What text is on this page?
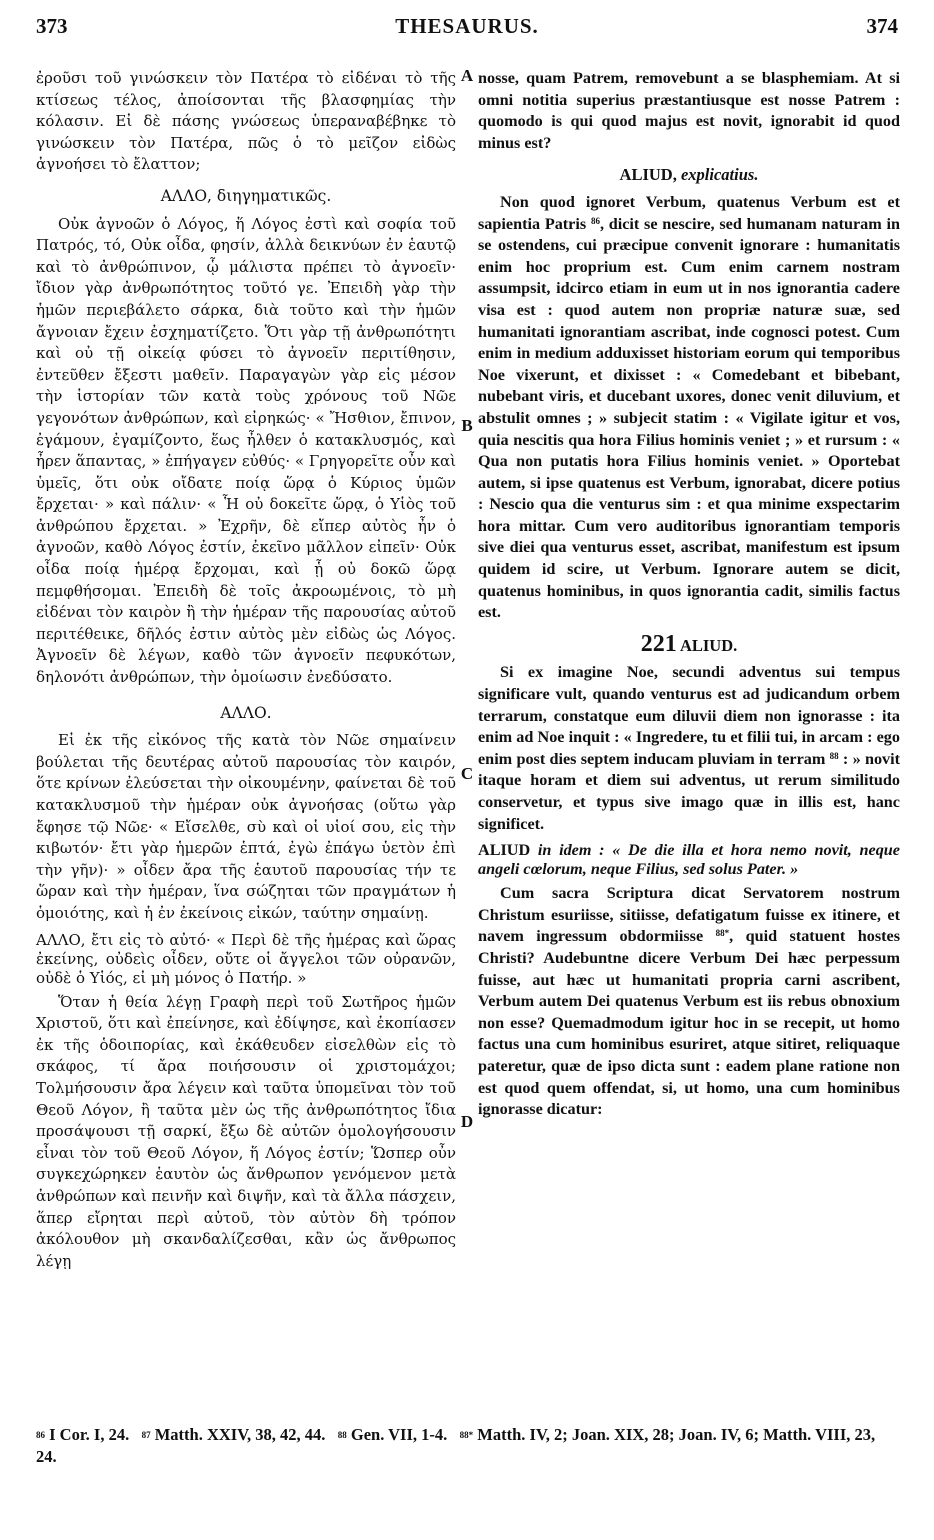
373	THESAURUS.	374

ἐροῦσι τοῦ γινώσκειν τὸν Πατέρα τὸ εἰδέναι τὸ τῆς κτίσεως τέλος, ἀποίσονται τῆς βλασφημίας τὴν κόλασιν. Εἰ δὲ πάσης γνώσεως ὑπεραναβέβηκε τὸ γινώσκειν τὸν Πατέρα, πῶς ὁ τὸ μεῖζον εἰδὼς ἀγνοήσει τὸ ἔλαττον;

ΑΛΛΟ, διηγηματικῶς.

Οὐκ ἀγνοῶν ὁ Λόγος, ἥ Λόγος ἐστὶ καὶ σοφία τοῦ Πατρός, τό, Οὐκ οἶδα, φησίν, ἀλλὰ δεικνύων ἐν ἑαυτῷ καὶ τὸ ἀνθρώπινον, ᾧ μάλιστα πρέπει τὸ ἀγνοεῖν· ἴδιον γὰρ ἀνθρωπότητος τοῦτό γε. Ἐπειδὴ γὰρ τὴν ἡμῶν περιεβάλετο σάρκα, διὰ τοῦτο καὶ τὴν ἡμῶν ἄγνοιαν ἔχειν ἐσχηματίζετο. Ὅτι γὰρ τῇ ἀνθρωπότητι καὶ οὐ τῇ οἰκείᾳ φύσει τὸ ἀγνοεῖν περιτίθησιν, ἐντεῦθεν ἔξεστι μαθεῖν. Παραγαγὼν γὰρ εἰς μέσον τὴν ἱστορίαν τῶν κατὰ τοὺς χρόνους τοῦ Νῶε γεγονότων ἀνθρώπων, καὶ εἰρηκώς· « Ἤσθιον, ἔπινον, ἐγάμουν, ἐγαμίζοντο, ἕως ἦλθεν ὁ κατακλυσμός, καὶ ἦρεν ἅπαντας, » ἐπήγαγεν εὐθύς· « Γρηγορεῖτε οὖν καὶ ὑμεῖς, ὅτι οὐκ οἴδατε ποίᾳ ὥρᾳ ὁ Κύριος ὑμῶν ἔρχεται· » καὶ πάλιν· « Ἧ οὐ δοκεῖτε ὥρᾳ, ὁ Υἱὸς τοῦ ἀνθρώπου ἔρχεται. » Ἐχρῆν, δὲ εἴπερ αὐτὸς ἦν ὁ ἀγνοῶν, καθὸ Λόγος ἐστίν, ἐκεῖνο μᾶλλον εἰπεῖν· Οὐκ οἶδα ποίᾳ ἡμέρᾳ ἔρχομαι, καὶ ᾗ οὐ δοκῶ ὥρᾳ πεμφθήσομαι. Ἐπειδὴ δὲ τοῖς ἀκροωμένοις, τὸ μὴ εἰδέναι τὸν καιρὸν ἢ τὴν ἡμέραν τῆς παρουσίας αὐτοῦ περιτέθεικε, δῆλός ἐστιν αὐτὸς μὲν εἰδὼς ὡς Λόγος. Ἀγνοεῖν δὲ λέγων, καθὸ τῶν ἀγνοεῖν πεφυκότων, δηλονότι ἀνθρώπων, τὴν ὁμοίωσιν ἐνεδύσατο.

ΑΛΛΟ.

Εἰ ἐκ τῆς εἰκόνος τῆς κατὰ τὸν Νῶε σημαίνειν βούλεται τῆς δευτέρας αὐτοῦ παρουσίας τὸν καιρόν, ὅτε κρίνων ἐλεύσεται τὴν οἰκουμένην, φαίνεται δὲ τοῦ κατακλυσμοῦ τὴν ἡμέραν οὐκ ἀγνοήσας (οὕτω γὰρ ἔφησε τῷ Νῶε· « Εἴσελθε, σὺ καὶ οἱ υἱοί σου, εἰς τὴν κιβωτόν· ἔτι γὰρ ἡμερῶν ἑπτά, ἐγὼ ἐπάγω ὑετὸν ἐπὶ τὴν γῆν)· » οἶδεν ἄρα τῆς ἑαυτοῦ παρουσίας τήν τε ὥραν καὶ τὴν ἡμέραν, ἵνα σώζηται τῶν πραγμάτων ἡ ὁμοιότης, καὶ ἡ ἐν ἐκείνοις εἰκών, ταύτην σημαίνῃ.

ΑΛΛΟ, ἔτι εἰς τὸ αὐτό· « Περὶ δὲ τῆς ἡμέρας καὶ ὥρας ἐκείνης, οὐδεὶς οἶδεν, οὔτε οἱ ἄγγελοι τῶν οὐρανῶν, οὐδὲ ὁ Υἱός, εἰ μὴ μόνος ὁ Πατήρ. »

Ὅταν ἡ θεία λέγῃ Γραφὴ περὶ τοῦ Σωτῆρος ἡμῶν Χριστοῦ, ὅτι καὶ ἐπείνησε, καὶ ἐδίψησε, καὶ ἐκοπίασεν ἐκ τῆς ὁδοιπορίας, καὶ ἐκάθευδεν εἰσελθὼν εἰς τὸ σκάφος, τί ἄρα ποιήσουσιν οἱ χριστομάχοι; Τολμήσουσιν ἄρα λέγειν καὶ ταῦτα ὑπομεῖναι τὸν τοῦ Θεοῦ Λόγον, ἢ ταῦτα μὲν ὡς τῆς ἀνθρωπότητος ἴδια προσάψουσι τῇ σαρκί, ἔξω δὲ αὐτῶν ὁμολογήσουσιν εἶναι τὸν τοῦ Θεοῦ Λόγον, ἥ Λόγος ἐστίν; Ὥσπερ οὖν συγκεχώρηκεν ἑαυτὸν ὡς ἄνθρωπον γενόμενον μετὰ ἀνθρώπων καὶ πεινῆν καὶ διψῆν, καὶ τὰ ἄλλα πάσχειν, ἅπερ εἴρηται περὶ αὐτοῦ, τὸν αὐτὸν δὴ τρόπον ἀκόλουθον μὴ σκανδαλίζεσθαι, κἂν ὡς ἄνθρωπος λέγῃ

A
B
C
D

nosse, quam Patrem, removebunt a se blasphemiam. At si omni notitia superius præstantiusque est nosse Patrem : quomodo is qui quod majus est novit, ignorabit id quod minus est?

ALIUD, explicatius.

Non quod ignoret Verbum, quatenus Verbum est et sapientia Patris $^{86}$, dicit se nescire, sed humanam naturam in se ostendens, cui præcipue convenit ignorare : humanitatis enim hoc proprium est. Cum enim carnem nostram assumpsit, idcirco etiam in eum ut in nos ignorantia cadere visa est : quod autem non propriæ naturæ suæ, sed humanitati ignorantiam ascribat, inde cognosci potest. Cum enim in medium adduxisset historiam eorum qui temporibus Noe vixerunt, et dixisset : « Comedebant et bibebant, nubebant viris, et ducebant uxores, donec venit diluvium, et abstulit omnes ; » subjecit statim : « Vigilate igitur et vos, quia nescitis qua hora Filius hominis veniet ; » et rursum : « Qua non putatis hora Filius hominis veniet. » Oportebat autem, si ipse quatenus est Verbum, ignorabat, dicere potius : Nescio qua die venturus sim : et qua minime exspectarim hora mittar. Cum vero auditoribus ignorantiam temporis sive diei qua venturus esset, ascribat, manifestum est ipsum quidem id scire, ut Verbum. Ignorare autem se dicit, quatenus hominibus, in quos ignorantia cadit, similis factus est.

221 ALIUD.

Si ex imagine Noe, secundi adventus sui tempus significare vult, quando venturus est ad judicandum orbem terrarum, constatque eum diluvii diem non ignorasse : ita enim ad Noe inquit : « Ingredere, tu et filii tui, in arcam : ego enim post dies septem inducam pluviam in terram $^{88}$ : » novit itaque horam et diem sui adventus, ut rerum similitudo conservetur, et typus sive imago quæ in illis est, hanc significet.

ALIUD in idem : « De die illa et hora nemo novit, neque angeli cœlorum, neque Filius, sed solus Pater. »

Cum sacra Scriptura dicat Servatorem nostrum Christum esuriisse, sitiisse, defatigatum fuisse ex itinere, et navem ingressum obdormiisse $^{88*}$, quid statuent hostes Christi? Audebuntne dicere Verbum Dei hæc perpessum fuisse, aut hæc ut humanitati propria carni ascribent, Verbum autem Dei quatenus Verbum est iis rebus obnoxium non esse? Quemadmodum igitur hoc in se recepit, ut homo factus una cum hominibus esuriret, atque sitiret, reliquaque pateretur, quæ de ipso dicta sunt : eadem plane ratione non est quod quem offendat, si, ut homo, una cum hominibus ignorasse dicatur:

$^{86}$ I Cor. I, 24. $^{87}$ Matth. XXIV, 38, 42, 44. $^{88}$ Gen. VII, 1-4. $^{88*}$ Matth. IV, 2; Joan. XIX, 28; Joan. IV, 6; Matth. VIII, 23, 24.
